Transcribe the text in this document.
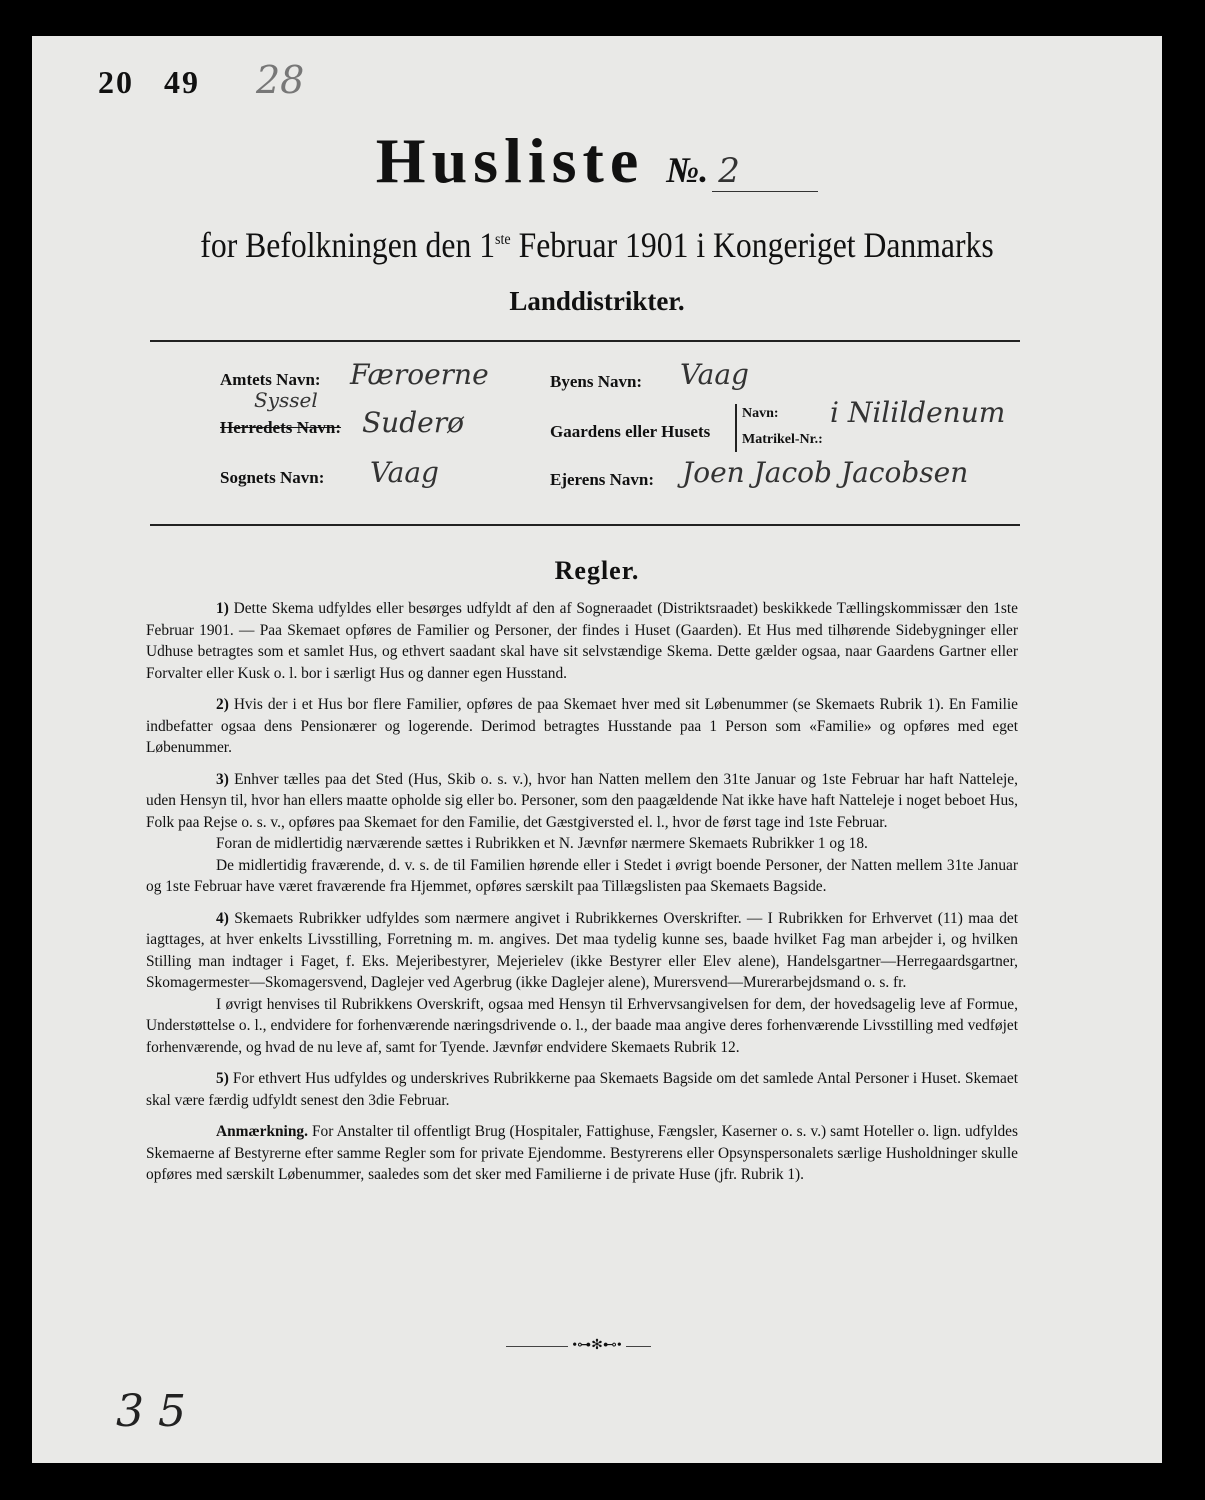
20 49	28
Husliste №. 2
for Befolkningen den 1ste Februar 1901 i Kongeriget Danmarks
Landdistrikter.
Amtets Navn: Færoerne
Syssel
Herredets Navn: Suderø
Sognets Navn: Vaag
Byens Navn: Vaag
Gaardens eller Husets
Navn:
Matrikel-Nr.:
i Nilildenum
Ejerens Navn: Joen Jacob Jacobsen
Regler.

1) Dette Skema udfyldes eller besørges udfyldt af den af Sogneraadet (Distriktsraadet) beskikkede Tællingskommissær den 1ste Februar 1901. — Paa Skemaet opføres de Familier og Personer, der findes i Huset (Gaarden). Et Hus med tilhørende Sidebygninger eller Udhuse betragtes som et samlet Hus, og ethvert saadant skal have sit selvstændige Skema. Dette gælder ogsaa, naar Gaardens Gartner eller Forvalter eller Kusk o. l. bor i særligt Hus og danner egen Husstand.

2) Hvis der i et Hus bor flere Familier, opføres de paa Skemaet hver med sit Løbenummer (se Skemaets Rubrik 1). En Familie indbefatter ogsaa dens Pensionærer og logerende. Derimod betragtes Husstande paa 1 Person som «Familie» og opføres med eget Løbenummer.

3) Enhver tælles paa det Sted (Hus, Skib o. s. v.), hvor han Natten mellem den 31te Januar og 1ste Februar har haft Natteleje, uden Hensyn til, hvor han ellers maatte opholde sig eller bo. Personer, som den paagældende Nat ikke have haft Natteleje i noget beboet Hus, Folk paa Rejse o. s. v., opføres paa Skemaet for den Familie, det Gæstgiversted el. l., hvor de først tage ind 1ste Februar.

Foran de midlertidig nærværende sættes i Rubrikken et N. Jævnfør nærmere Skemaets Rubrikker 1 og 18.

De midlertidig fraværende, d. v. s. de til Familien hørende eller i Stedet i øvrigt boende Personer, der Natten mellem 31te Januar og 1ste Februar have været fraværende fra Hjemmet, opføres særskilt paa Tillægslisten paa Skemaets Bagside.

4) Skemaets Rubrikker udfyldes som nærmere angivet i Rubrikkernes Overskrifter. — I Rubrikken for Erhvervet (11) maa det iagttages, at hver enkelts Livsstilling, Forretning m. m. angives. Det maa tydelig kunne ses, baade hvilket Fag man arbejder i, og hvilken Stilling man indtager i Faget, f. Eks. Mejeribestyrer, Mejerielev (ikke Bestyrer eller Elev alene), Handelsgartner—Herregaardsgartner, Skomagermester—Skomagersvend, Daglejer ved Agerbrug (ikke Daglejer alene), Murersvend—Murerarbejdsmand o. s. fr.

I øvrigt henvises til Rubrikkens Overskrift, ogsaa med Hensyn til Erhvervsangivelsen for dem, der hovedsagelig leve af Formue, Understøttelse o. l., endvidere for forhenværende næringsdrivende o. l., der baade maa angive deres forhenværende Livsstilling med vedføjet forhenværende, og hvad de nu leve af, samt for Tyende. Jævnfør endvidere Skemaets Rubrik 12.

5) For ethvert Hus udfyldes og underskrives Rubrikkerne paa Skemaets Bagside om det samlede Antal Personer i Huset. Skemaet skal være færdig udfyldt senest den 3die Februar.

Anmærkning. For Anstalter til offentligt Brug (Hospitaler, Fattighuse, Fængsler, Kaserner o. s. v.) samt Hoteller o. lign. udfyldes Skemaerne af Bestyrerne efter samme Regler som for private Ejendomme. Bestyrerens eller Opsynspersonalets særlige Husholdninger skulle opføres med særskilt Løbenummer, saaledes som det sker med Familierne i de private Huse (jfr. Rubrik 1).

•⊶✻⊷•
3 5
